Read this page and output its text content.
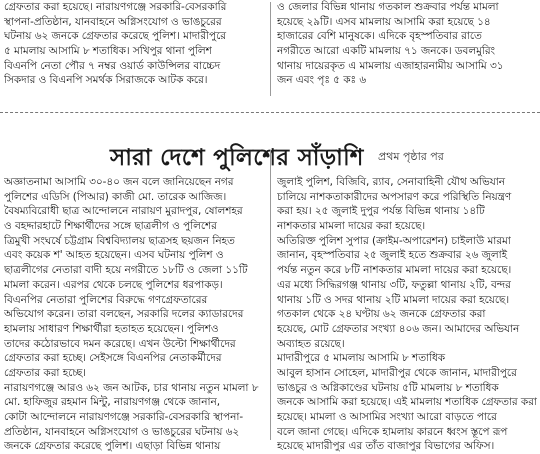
গ্রেফতার করা হয়েছে। নারায়ণগঞ্জে সরকারি-বেসরকারি
স্থাপনা-প্রতিষ্ঠান, যানবাহনে অগ্নিসংযোগ ও ভাঙচুরের
ঘটনায় ৬২ জনকে গ্রেফতার করেছে পুলিশ। মাদারীপুরে
৫ মামলায় আসামি ৮ শতাধিক। সখিপুর থানা পুলিশ
বিএনপি নেতা পৌর ৭ নম্বর ওয়ার্ড কাউন্সিলর বাচ্চেদ
সিকদার ও বিএনপি সমর্থক সিরাজকে আটক করে।
ও জেলার বিভিন্ন থানায় গতকাল শুক্রবার পর্যন্ত মামলা
হয়েছে ২৯টি। এসব মামলায় আসামি করা হয়েছে ১৪
হাজারের বেশি মানুষকে। এদিকে বৃহস্পতিবার রাতে
নগরীতে আরো একটি মামলায় ৭১ জনকে। ডবলমুরিং
থানায় দায়েরকৃত এ মামলায় এজাহারনামীয় আসামি ৩১
জন এবং পৃঃ ৫ কঃ ৬
সারা দেশে পুলিশের সাঁড়াশি প্রথম পৃষ্ঠার পর
অজ্ঞাতনামা আসামি ৩০-৪০ জন বলে জানিয়েছেন নগর
পুলিশের এডিসি (পিআর) কাজী মো. তারেক আজিজ।
বৈষম্যবিরোধী ছাত্র আন্দোলনে নারায়ণ মুরাদপুর, ষোলশহর
ও বহদ্দারহাটে শিক্ষার্থীদের সঙ্গে ছাত্রলীগ ও পুলিশের
ত্রিমুখী সংঘর্ষে চট্টগ্রাম বিশ্ববিদ্যালয় ছাত্রসহ ছয়জন নিহত
এবং কয়েক শ' আহত হয়েছেন। এসব ঘটনায় পুলিশ ও
ছাত্রলীগের নেতারা বাদী হয়ে নগরীতে ১৮টি ও জেলা ১১টি
মামলা করেন। এরপর থেকে চলছে পুলিশের ধরপাকড়।
বিএনপির নেতারা পুলিশের বিরুদ্ধে গণগ্রেফতারের
অভিযোগ করেন। তারা বলছেন, সরকারি দলের ক্যাডারদের
হামলায় সাধারণ শিক্ষার্থীরা হতাহত হয়েছেন। পুলিশও
তাদের কঠোরভাবে দমন করেছে। এখন উল্টো শিক্ষার্থীদের
গ্রেফতার করা হচ্ছে। সেইসঙ্গে বিএনপির নেতাকর্মীদের
গ্রেফতার করা হচ্ছে।
নারায়ণগঞ্জে আরও ৬২ জন আটক, চার থানায় নতুন মামলা ৮
মো. হাফিজুর রহমান মিন্টু, নারায়ণগঞ্জ থেকে জানান,
কোটা আন্দোলনে নারায়ণগঞ্জে সরকারি-বেসরকারি স্থাপনা-
প্রতিষ্ঠান, যানবাহনে অগ্নিসংযোগ ও ভাঙচুরের ঘটনায় ৬২
জনকে গ্রেফতার করেছে পুলিশ। এছাড়া বিভিন্ন থানায়
জুলাই পুলিশ, বিজিবি, র‍্যাব, সেনাবাহিনী যৌথ অভিযান
চালিয়ে নাশকতাকারীদের অপসারণ করে পরিস্থিতি নিয়ন্ত্রণ
করা হয়। ২৫ জুলাই দুপুর পর্যন্ত বিভিন্ন থানায় ১৪টি
নাশকতার মামলা দায়ের করা হয়েছে।
অতিরিক্ত পুলিশ সুপার (ক্রাইম-অপারেশন) চাইলাউ মারমা
জানান, বৃহস্পতিবার ২৫ জুলাই হতে শুক্রবার ২৬ জুলাই
পর্যন্ত নতুন করে ৮টি নাশকতার মামলা দায়ের করা হয়েছে।
এর মধ্যে সিদ্ধিরগঞ্জ থানায় ৩টি, ফতুল্লা থানায় ২টি, বন্দর
থানায় ১টি ও সদর থানায় ২টি মামলা দায়ের করা হয়েছে।
গতকাল থেকে ২৪ ঘণ্টায় ৬২ জনকে গ্রেফতার করা
হয়েছে, মোট গ্রেফতার সংখ্যা ৪০৬ জন। আমাদের অভিযান
অব্যাহত রয়েছে।
মাদারীপুরে ৫ মামলায় আসামি ৮ শতাধিক
আবুল হাসান সোহেল, মাদারীপুর থেকে জানান, মাদারীপুরে
ভাঙচুর ও অগ্নিকাণ্ডের ঘটনায় ৫টি মামলায় ৮ শতাধিক
জনকে আসামি করা হয়েছে। এই মামলায় শতাধিক গ্রেফতার করা
হয়েছে। মামলা ও আসামির সংখ্যা আরো বাড়তে পারে
বলে জানা গেছে। এদিকে হামলায় কারনে ধ্বংস স্তূপে রূপ
হয়েছে মাদারীপুর এর তাঁত বাজাপুর বিভাগের অফিস।
